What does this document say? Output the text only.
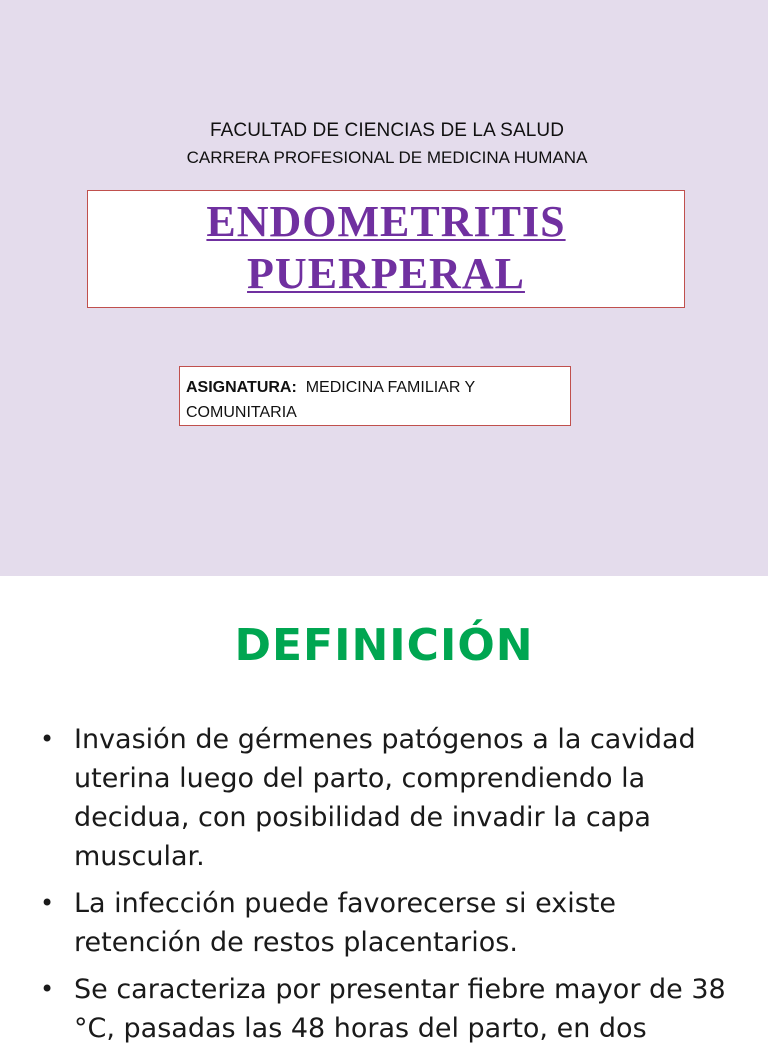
FACULTAD DE CIENCIAS DE LA SALUD
CARRERA PROFESIONAL DE MEDICINA HUMANA
ENDOMETRITIS
PUERPERAL
ASIGNATURA: MEDICINA FAMILIAR Y COMUNITARIA
DEFINICIÓN
• Invasión de gérmenes patógenos a la cavidad uterina luego del parto, comprendiendo la decidua, con posibilidad de invadir la capa muscular.
• La infección puede favorecerse si existe retención de restos placentarios.
• Se caracteriza por presentar fiebre mayor de 38 °C, pasadas las 48 horas del parto, en dos
